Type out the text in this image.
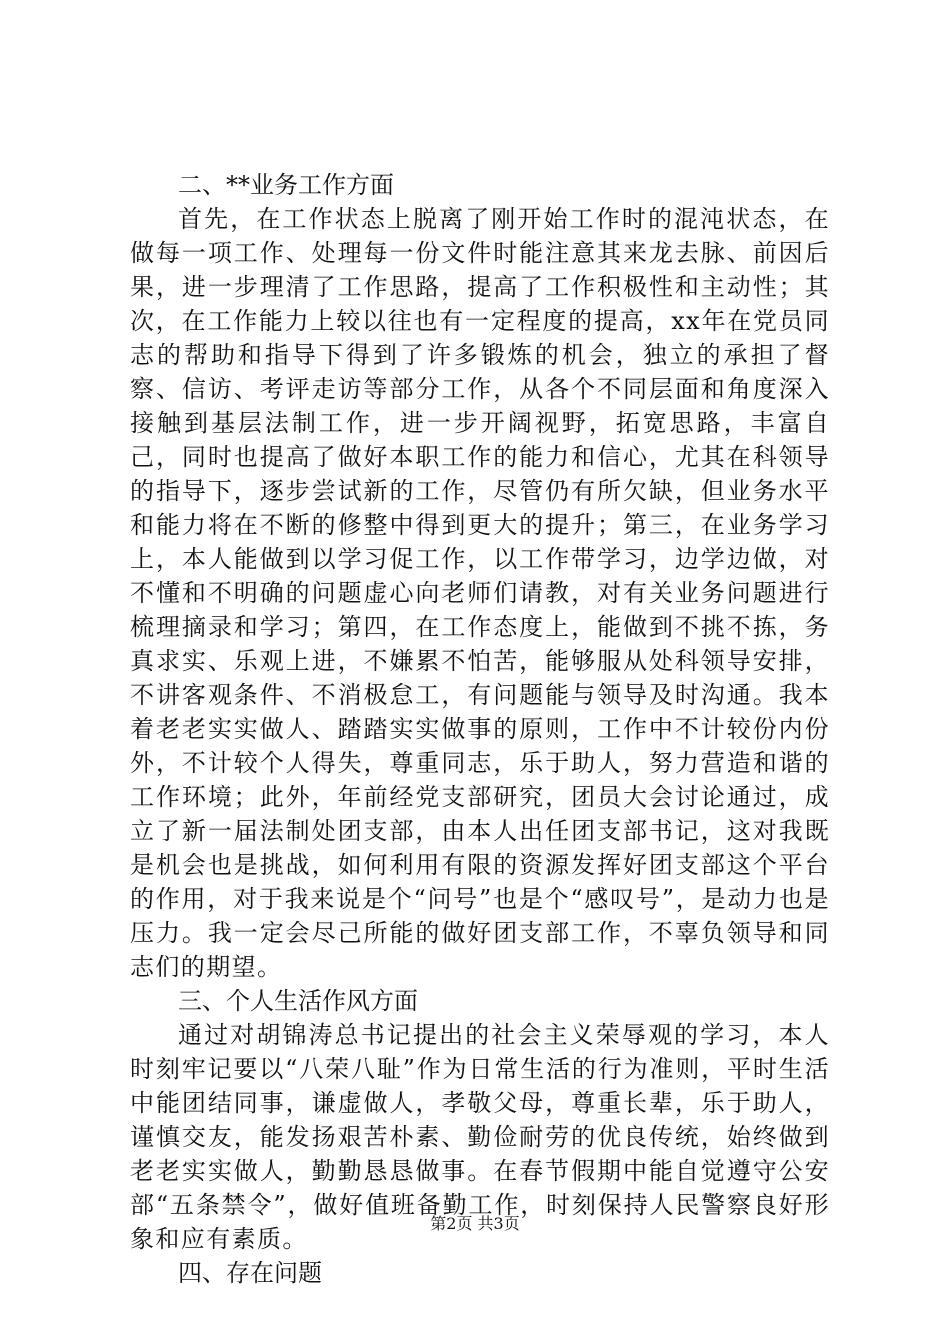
二、**业务工作方面

首先，在工作状态上脱离了刚开始工作时的混沌状态，在做每一项工作、处理每一份文件时能注意其来龙去脉、前因后果，进一步理清了工作思路，提高了工作积极性和主动性；其次，在工作能力上较以往也有一定程度的提高，xx年在党员同志的帮助和指导下得到了许多锻炼的机会，独立的承担了督察、信访、考评走访等部分工作，从各个不同层面和角度深入接触到基层法制工作，进一步开阔视野，拓宽思路，丰富自己，同时也提高了做好本职工作的能力和信心，尤其在科领导的指导下，逐步尝试新的工作，尽管仍有所欠缺，但业务水平和能力将在不断的修整中得到更大的提升；第三，在业务学习上，本人能做到以学习促工作，以工作带学习，边学边做，对不懂和不明确的问题虚心向老师们请教，对有关业务问题进行梳理摘录和学习；第四，在工作态度上，能做到不挑不拣，务真求实、乐观上进，不嫌累不怕苦，能够服从处科领导安排，不讲客观条件、不消极怠工，有问题能与领导及时沟通。我本着老老实实做人、踏踏实实做事的原则，工作中不计较份内份外，不计较个人得失，尊重同志，乐于助人，努力营造和谐的工作环境；此外，年前经党支部研究，团员大会讨论通过，成立了新一届法制处团支部，由本人出任团支部书记，这对我既是机会也是挑战，如何利用有限的资源发挥好团支部这个平台的作用，对于我来说是个“问号”也是个“感叹号”，是动力也是压力。我一定会尽己所能的做好团支部工作，不辜负领导和同志们的期望。

三、个人生活作风方面

通过对胡锦涛总书记提出的社会主义荣辱观的学习，本人时刻牢记要以“八荣八耻”作为日常生活的行为准则，平时生活中能团结同事，谦虚做人，孝敬父母，尊重长辈，乐于助人，谨慎交友，能发扬艰苦朴素、勤俭耐劳的优良传统，始终做到老老实实做人，勤勤恳恳做事。在春节假期中能自觉遵守公安部“五条禁令”，做好值班备勤工作，时刻保持人民警察良好形象和应有素质。

四、存在问题
第2页 共3页
